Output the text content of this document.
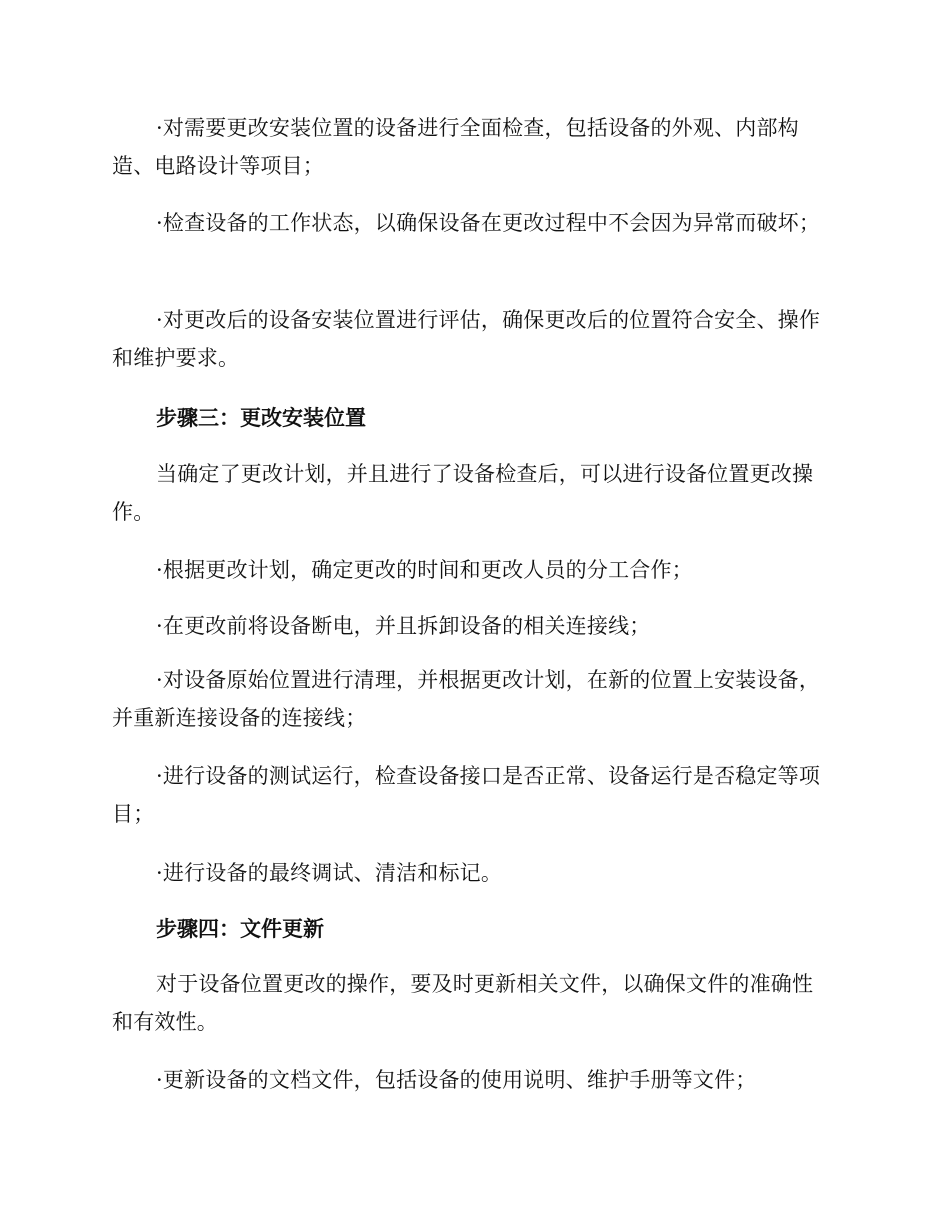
·对需要更改安装位置的设备进行全面检查，包括设备的外观、内部构造、电路设计等项目；

·检查设备的工作状态，以确保设备在更改过程中不会因为异常而破坏；

·对更改后的设备安装位置进行评估，确保更改后的位置符合安全、操作和维护要求。

步骤三：更改安装位置

当确定了更改计划，并且进行了设备检查后，可以进行设备位置更改操作。

·根据更改计划，确定更改的时间和更改人员的分工合作；

·在更改前将设备断电，并且拆卸设备的相关连接线；

·对设备原始位置进行清理，并根据更改计划，在新的位置上安装设备，并重新连接设备的连接线；

·进行设备的测试运行，检查设备接口是否正常、设备运行是否稳定等项目；

·进行设备的最终调试、清洁和标记。

步骤四：文件更新

对于设备位置更改的操作，要及时更新相关文件，以确保文件的准确性和有效性。

·更新设备的文档文件，包括设备的使用说明、维护手册等文件；
